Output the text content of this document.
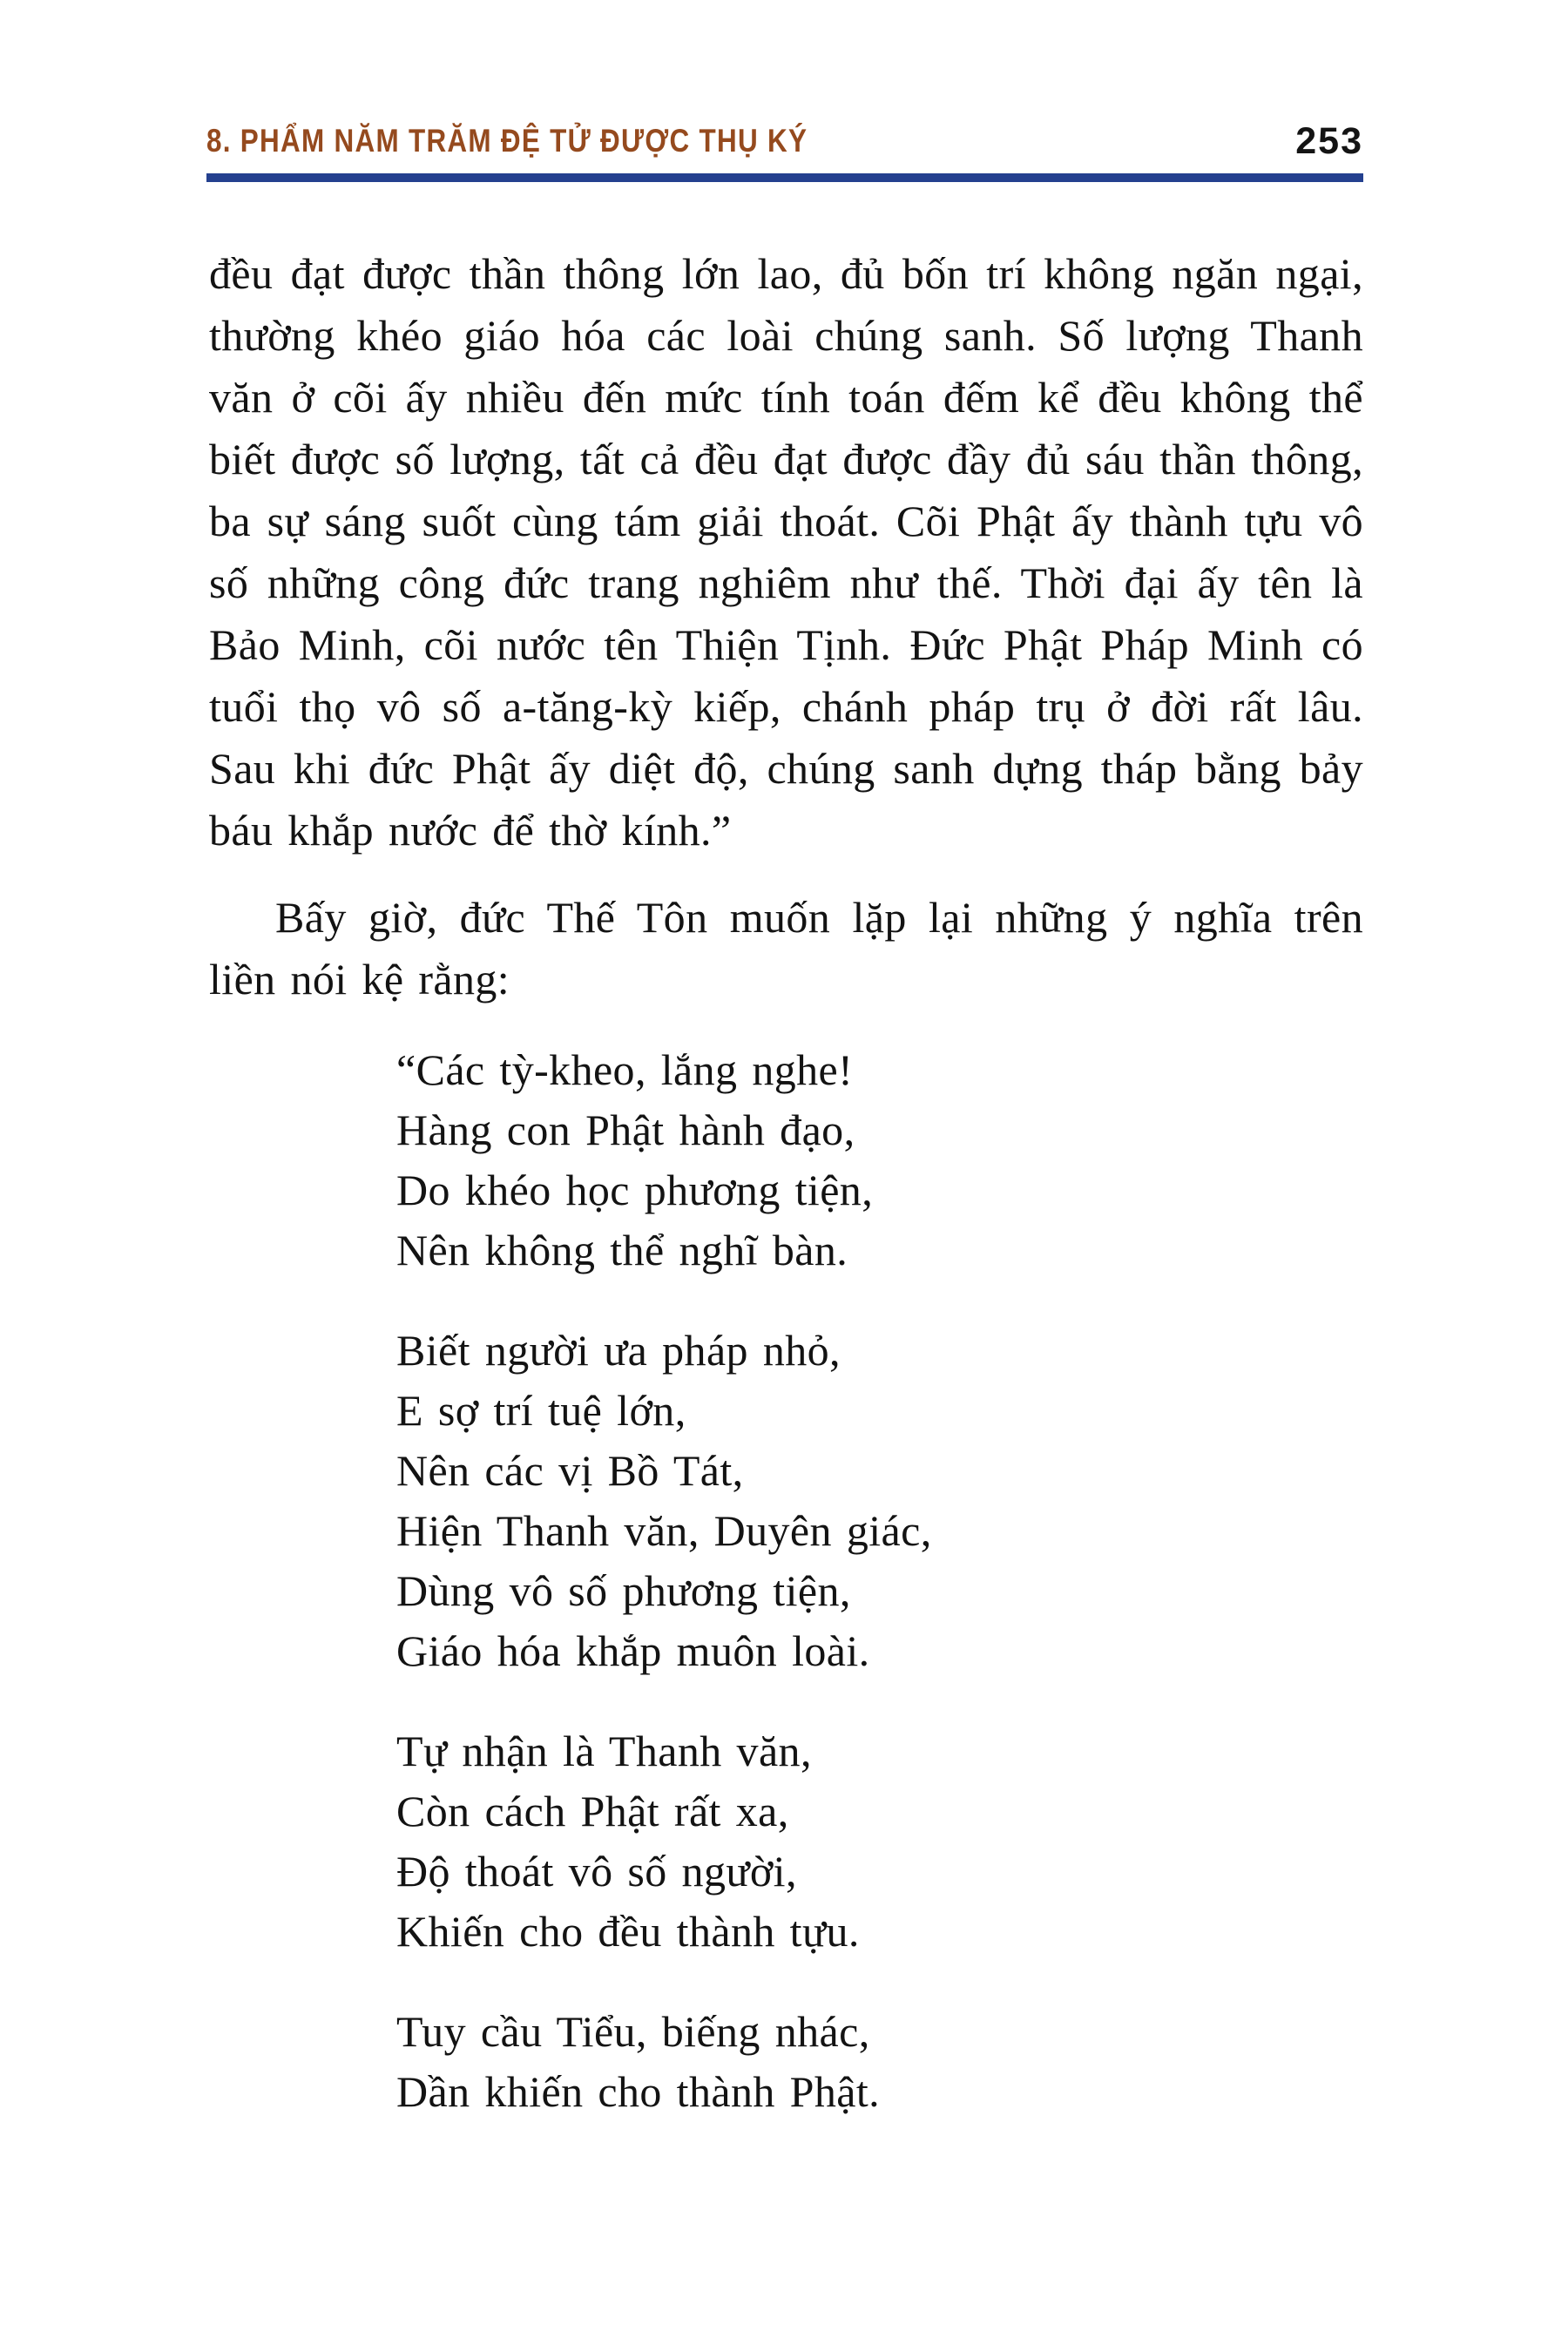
8. PHẨM NĂM TRĂM ĐỆ TỬ ĐƯỢC THỤ KÝ	253

đều đạt được thần thông lớn lao, đủ bốn trí không ngăn ngại, thường khéo giáo hóa các loài chúng sanh. Số lượng Thanh văn ở cõi ấy nhiều đến mức tính toán đếm kể đều không thể biết được số lượng, tất cả đều đạt được đầy đủ sáu thần thông, ba sự sáng suốt cùng tám giải thoát. Cõi Phật ấy thành tựu vô số những công đức trang nghiêm như thế. Thời đại ấy tên là Bảo Minh, cõi nước tên Thiện Tịnh. Đức Phật Pháp Minh có tuổi thọ vô số a-tăng-kỳ kiếp, chánh pháp trụ ở đời rất lâu. Sau khi đức Phật ấy diệt độ, chúng sanh dựng tháp bằng bảy báu khắp nước để thờ kính.”

Bấy giờ, đức Thế Tôn muốn lặp lại những ý nghĩa trên liền nói kệ rằng:

“Các tỳ-kheo, lắng nghe!
Hàng con Phật hành đạo,
Do khéo học phương tiện,
Nên không thể nghĩ bàn.
Biết người ưa pháp nhỏ,
E sợ trí tuệ lớn,
Nên các vị Bồ Tát,
Hiện Thanh văn, Duyên giác,
Dùng vô số phương tiện,
Giáo hóa khắp muôn loài.
Tự nhận là Thanh văn,
Còn cách Phật rất xa,
Độ thoát vô số người,
Khiến cho đều thành tựu.
Tuy cầu Tiểu, biếng nhác,
Dần khiến cho thành Phật.
